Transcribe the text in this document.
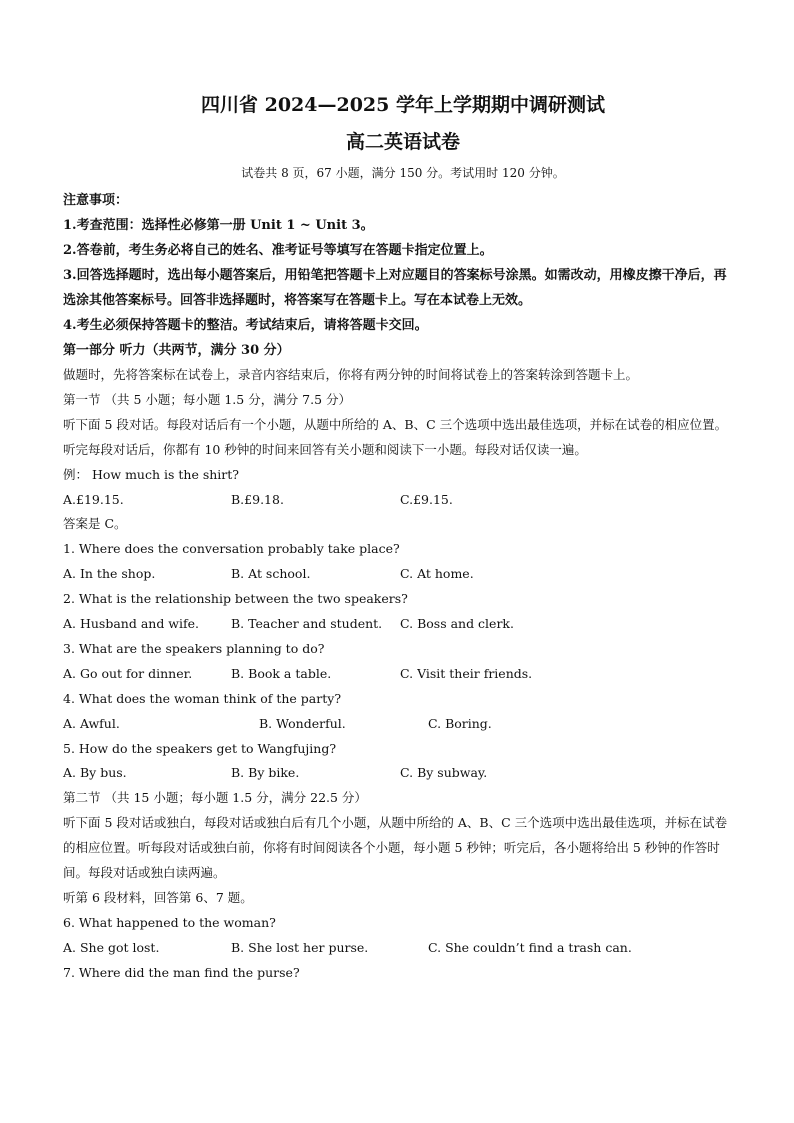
四川省 2024—2025 学年上学期期中调研测试

高二英语试卷

试卷共 8 页，67 小题，满分 150 分。考试用时 120 分钟。

注意事项：

1.考查范围：选择性必修第一册 Unit 1 ~ Unit 3。

2.答卷前，考生务必将自己的姓名、准考证号等填写在答题卡指定位置上。

3.回答选择题时，选出每小题答案后，用铅笔把答题卡上对应题目的答案标号涂黑。如需改动，用橡皮擦干净后，再选涂其他答案标号。回答非选择题时，将答案写在答题卡上。写在本试卷上无效。

4.考生必须保持答题卡的整洁。考试结束后，请将答题卡交回。

第一部分 听力（共两节，满分 30 分）

做题时，先将答案标在试卷上，录音内容结束后，你将有两分钟的时间将试卷上的答案转涂到答题卡上。

第一节 （共 5 小题；每小题 1.5 分，满分 7.5 分）

听下面 5 段对话。每段对话后有一个小题，从题中所给的 A、B、C 三个选项中选出最佳选项，并标在试卷的相应位置。听完每段对话后，你都有 10 秒钟的时间来回答有关小题和阅读下一小题。每段对话仅读一遍。

例： How much is the shirt?

A.£19.15.	B.£9.18.	C.£9.15.

答案是 C。

1. Where does the conversation probably take place?

A. In the shop.	B. At school.	C. At home.

2. What is the relationship between the two speakers?

A. Husband and wife.	B. Teacher and student. C. Boss and clerk.

3. What are the speakers planning to do?

A. Go out for dinner.	B. Book a table.	C. Visit their friends.

4. What does the woman think of the party?

A. Awful.	B. Wonderful.	C. Boring.

5. How do the speakers get to Wangfujing?

A. By bus.	B. By bike.	C. By subway.

第二节 （共 15 小题；每小题 1.5 分，满分 22.5 分）

听下面 5 段对话或独白，每段对话或独白后有几个小题，从题中所给的 A、B、C 三个选项中选出最佳选项，并标在试卷的相应位置。听每段对话或独白前，你将有时间阅读各个小题，每小题 5 秒钟；听完后，各小题将给出 5 秒钟的作答时间。每段对话或独白读两遍。

听第 6 段材料，回答第 6、7 题。

6. What happened to the woman?

A. She got lost.	B. She lost her purse.	C. She couldn’t find a trash can.

7. Where did the man find the purse?
